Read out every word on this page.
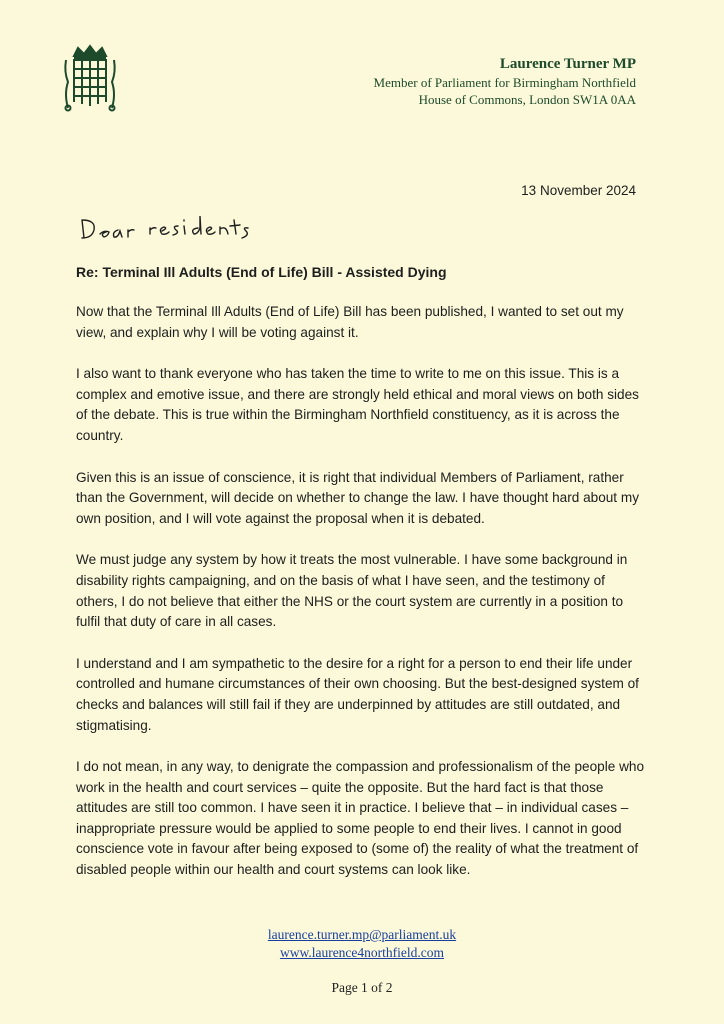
Laurence Turner MP
Member of Parliament for Birmingham Northfield
House of Commons, London SW1A 0AA
13 November 2024
Re: Terminal Ill Adults (End of Life) Bill - Assisted Dying

Now that the Terminal Ill Adults (End of Life) Bill has been published, I wanted to set out my view, and explain why I will be voting against it.

I also want to thank everyone who has taken the time to write to me on this issue. This is a complex and emotive issue, and there are strongly held ethical and moral views on both sides of the debate. This is true within the Birmingham Northfield constituency, as it is across the country.

Given this is an issue of conscience, it is right that individual Members of Parliament, rather than the Government, will decide on whether to change the law. I have thought hard about my own position, and I will vote against the proposal when it is debated.

We must judge any system by how it treats the most vulnerable. I have some background in disability rights campaigning, and on the basis of what I have seen, and the testimony of others, I do not believe that either the NHS or the court system are currently in a position to fulfil that duty of care in all cases.

I understand and I am sympathetic to the desire for a right for a person to end their life under controlled and humane circumstances of their own choosing. But the best-designed system of checks and balances will still fail if they are underpinned by attitudes are still outdated, and stigmatising.

I do not mean, in any way, to denigrate the compassion and professionalism of the people who work in the health and court services – quite the opposite. But the hard fact is that those attitudes are still too common. I have seen it in practice. I believe that – in individual cases – inappropriate pressure would be applied to some people to end their lives. I cannot in good conscience vote in favour after being exposed to (some of) the reality of what the treatment of disabled people within our health and court systems can look like.

laurence.turner.mp@parliament.uk
www.laurence4northfield.com
Page 1 of 2
